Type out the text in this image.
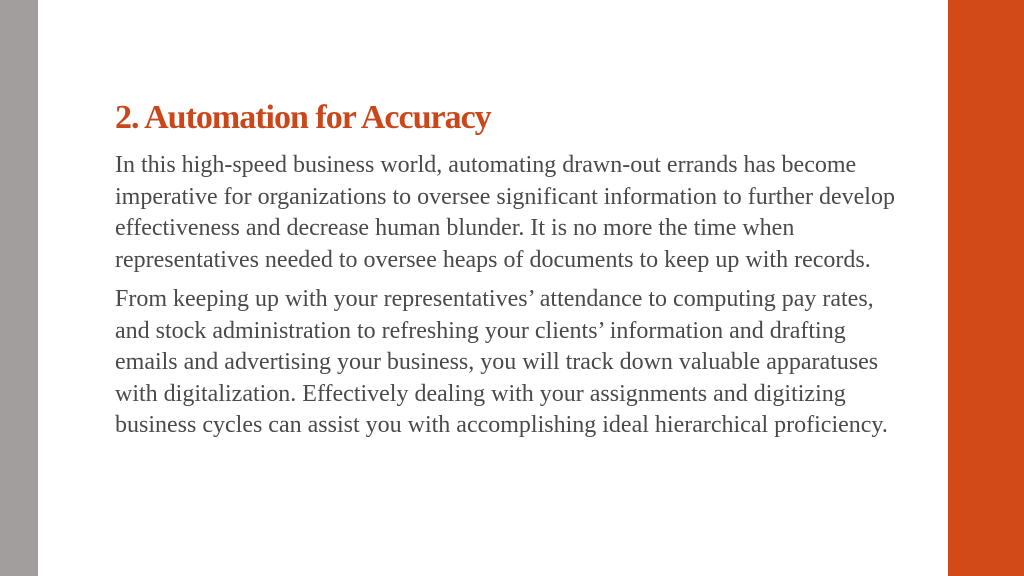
2. Automation for Accuracy

In this high-speed business world, automating drawn-out errands has become imperative for organizations to oversee significant information to further develop effectiveness and decrease human blunder. It is no more the time when representatives needed to oversee heaps of documents to keep up with records.

From keeping up with your representatives’ attendance to computing pay rates, and stock administration to refreshing your clients’ information and drafting emails and advertising your business, you will track down valuable apparatuses with digitalization. Effectively dealing with your assignments and digitizing business cycles can assist you with accomplishing ideal hierarchical proficiency.
